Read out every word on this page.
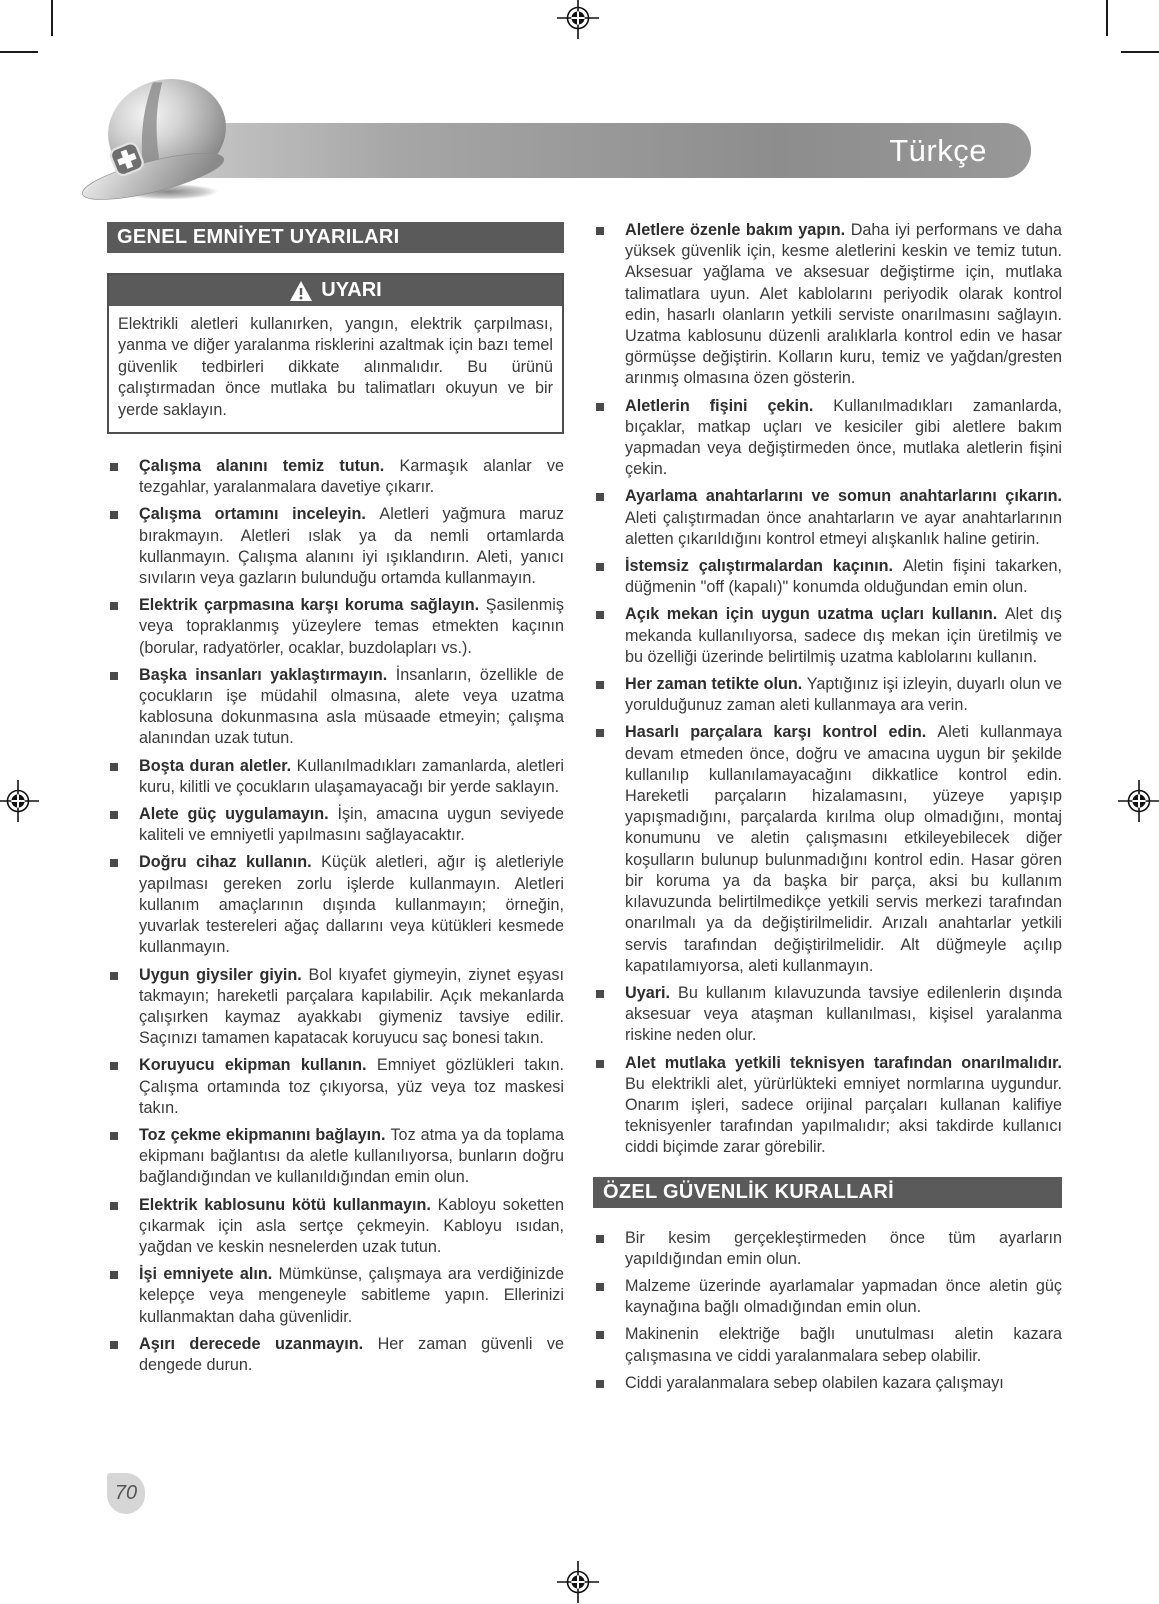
Türkçe
GENEL EMNİYET UYARILARI
UYARI
Elektrikli aletleri kullanırken, yangın, elektrik çarpılması, yanma ve diğer yaralanma risklerini azaltmak için bazı temel güvenlik tedbirleri dikkate alınmalıdır. Bu ürünü çalıştırmadan önce mutlaka bu talimatları okuyun ve bir yerde saklayın.
Çalışma alanını temiz tutun. Karmaşık alanlar ve tezgahlar, yaralanmalara davetiye çıkarır.
Çalışma ortamını inceleyin. Aletleri yağmura maruz bırakmayın. Aletleri ıslak ya da nemli ortamlarda kullanmayın. Çalışma alanını iyi ışıklandırın. Aleti, yanıcı sıvıların veya gazların bulunduğu ortamda kullanmayın.
Elektrik çarpmasına karşı koruma sağlayın. Şasilenmiş veya topraklanmış yüzeylere temas etmekten kaçının (borular, radyatörler, ocaklar, buzdolapları vs.).
Başka insanları yaklaştırmayın. İnsanların, özellikle de çocukların işe müdahil olmasına, alete veya uzatma kablosuna dokunmasına asla müsaade etmeyin; çalışma alanından uzak tutun.
Boşta duran aletler. Kullanılmadıkları zamanlarda, aletleri kuru, kilitli ve çocukların ulaşamayacağı bir yerde saklayın.
Alete güç uygulamayın. İşin, amacına uygun seviyede kaliteli ve emniyetli yapılmasını sağlayacaktır.
Doğru cihaz kullanın. Küçük aletleri, ağır iş aletleriyle yapılması gereken zorlu işlerde kullanmayın. Aletleri kullanım amaçlarının dışında kullanmayın; örneğin, yuvarlak testereleri ağaç dallarını veya kütükleri kesmede kullanmayın.
Uygun giysiler giyin. Bol kıyafet giymeyin, ziynet eşyası takmayın; hareketli parçalara kapılabilir. Açık mekanlarda çalışırken kaymaz ayakkabı giymeniz tavsiye edilir. Saçınızı tamamen kapatacak koruyucu saç bonesi takın.
Koruyucu ekipman kullanın. Emniyet gözlükleri takın. Çalışma ortamında toz çıkıyorsa, yüz veya toz maskesi takın.
Toz çekme ekipmanını bağlayın. Toz atma ya da toplama ekipmanı bağlantısı da aletle kullanılıyorsa, bunların doğru bağlandığından ve kullanıldığından emin olun.
Elektrik kablosunu kötü kullanmayın. Kabloyu soketten çıkarmak için asla sertçe çekmeyin. Kabloyu ısıdan, yağdan ve keskin nesnelerden uzak tutun.
İşi emniyete alın. Mümkünse, çalışmaya ara verdiğinizde kelepçe veya mengeneyle sabitleme yapın. Ellerinizi kullanmaktan daha güvenlidir.
Aşırı derecede uzanmayın. Her zaman güvenli ve dengede durun.
Aletlere özenle bakım yapın. Daha iyi performans ve daha yüksek güvenlik için, kesme aletlerini keskin ve temiz tutun. Aksesuar yağlama ve aksesuar değiştirme için, mutlaka talimatlara uyun. Alet kablolarını periyodik olarak kontrol edin, hasarlı olanların yetkili serviste onarılmasını sağlayın. Uzatma kablosunu düzenli aralıklarla kontrol edin ve hasar görmüşse değiştirin. Kolların kuru, temiz ve yağdan/gresten arınmış olmasına özen gösterin.
Aletlerin fişini çekin. Kullanılmadıkları zamanlarda, bıçaklar, matkap uçları ve kesiciler gibi aletlere bakım yapmadan veya değiştirmeden önce, mutlaka aletlerin fişini çekin.
Ayarlama anahtarlarını ve somun anahtarlarını çıkarın. Aleti çalıştırmadan önce anahtarların ve ayar anahtarlarının aletten çıkarıldığını kontrol etmeyi alışkanlık haline getirin.
İstemsiz çalıştırmalardan kaçının. Aletin fişini takarken, düğmenin "off (kapalı)" konumda olduğundan emin olun.
Açık mekan için uygun uzatma uçları kullanın. Alet dış mekanda kullanılıyorsa, sadece dış mekan için üretilmiş ve bu özelliği üzerinde belirtilmiş uzatma kablolarını kullanın.
Her zaman tetikte olun. Yaptığınız işi izleyin, duyarlı olun ve yorulduğunuz zaman aleti kullanmaya ara verin.
Hasarlı parçalara karşı kontrol edin. Aleti kullanmaya devam etmeden önce, doğru ve amacına uygun bir şekilde kullanılıp kullanılamayacağını dikkatlice kontrol edin. Hareketli parçaların hizalamasını, yüzeye yapışıp yapışmadığını, parçalarda kırılma olup olmadığını, montaj konumunu ve aletin çalışmasını etkileyebilecek diğer koşulların bulunup bulunmadığını kontrol edin. Hasar gören bir koruma ya da başka bir parça, aksi bu kullanım kılavuzunda belirtilmedikçe yetkili servis merkezi tarafından onarılmalı ya da değiştirilmelidir. Arızalı anahtarlar yetkili servis tarafından değiştirilmelidir. Alt düğmeyle açılıp kapatılamıyorsa, aleti kullanmayın.
Uyari. Bu kullanım kılavuzunda tavsiye edilenlerin dışında aksesuar veya ataşman kullanılması, kişisel yaralanma riskine neden olur.
Alet mutlaka yetkili teknisyen tarafından onarılmalıdır. Bu elektrikli alet, yürürlükteki emniyet normlarına uygundur. Onarım işleri, sadece orijinal parçaları kullanan kalifiye teknisyenler tarafından yapılmalıdır; aksi takdirde kullanıcı ciddi biçimde zarar görebilir.
ÖZEL GÜVENLİK KURALLARİ
Bir kesim gerçekleştirmeden önce tüm ayarların yapıldığından emin olun.
Malzeme üzerinde ayarlamalar yapmadan önce aletin güç kaynağına bağlı olmadığından emin olun.
Makinenin elektriğe bağlı unutulması aletin kazara çalışmasına ve ciddi yaralanmalara sebep olabilir.
Ciddi yaralanmalara sebep olabilen kazara çalışmayı
70
